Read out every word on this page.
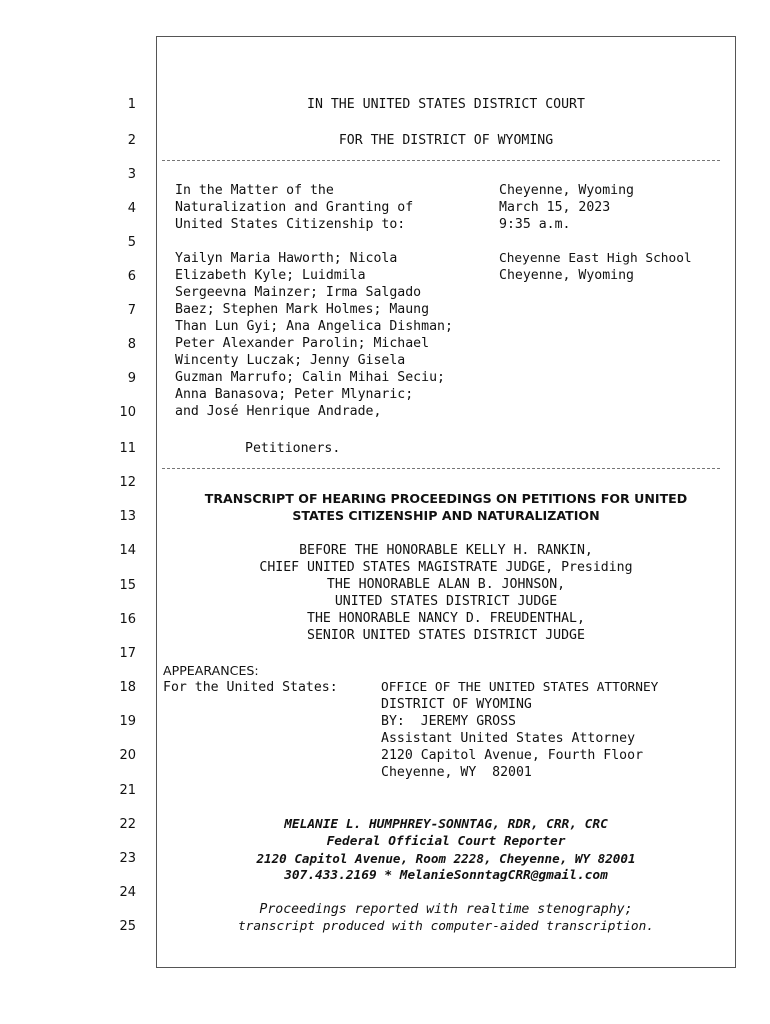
1
2
3
4
5
6
7
8
9
10
11
12
13
14
15
16
17
18
19
20
21
22
23
24
25
IN THE UNITED STATES DISTRICT COURT
FOR THE DISTRICT OF WYOMING
In the Matter of the
Naturalization and Granting of
United States Citizenship to:
Yailyn Maria Haworth; Nicola
Elizabeth Kyle; Luidmila
Sergeevna Mainzer; Irma Salgado
Baez; Stephen Mark Holmes; Maung
Than Lun Gyi; Ana Angelica Dishman;
Peter Alexander Parolin; Michael
Wincenty Luczak; Jenny Gisela
Guzman Marrufo; Calin Mihai Seciu;
Anna Banasova; Peter Mlynaric;
and José Henrique Andrade,
Cheyenne, Wyoming
March 15, 2023
9:35 a.m.
Cheyenne East High School
Cheyenne, Wyoming
Petitioners.
TRANSCRIPT OF HEARING PROCEEDINGS ON PETITIONS FOR UNITED
STATES CITIZENSHIP AND NATURALIZATION
BEFORE THE HONORABLE KELLY H. RANKIN,
CHIEF UNITED STATES MAGISTRATE JUDGE, Presiding
THE HONORABLE ALAN B. JOHNSON,
UNITED STATES DISTRICT JUDGE
THE HONORABLE NANCY D. FREUDENTHAL,
SENIOR UNITED STATES DISTRICT JUDGE
APPEARANCES:
For the United States:	OFFICE OF THE UNITED STATES ATTORNEY
DISTRICT OF WYOMING
BY:  JEREMY GROSS
Assistant United States Attorney
2120 Capitol Avenue, Fourth Floor
Cheyenne, WY  82001
MELANIE L. HUMPHREY-SONNTAG, RDR, CRR, CRC
Federal Official Court Reporter
2120 Capitol Avenue, Room 2228, Cheyenne, WY 82001
307.433.2169 * MelanieSonntagCRR@gmail.com
Proceedings reported with realtime stenography;
transcript produced with computer-aided transcription.
